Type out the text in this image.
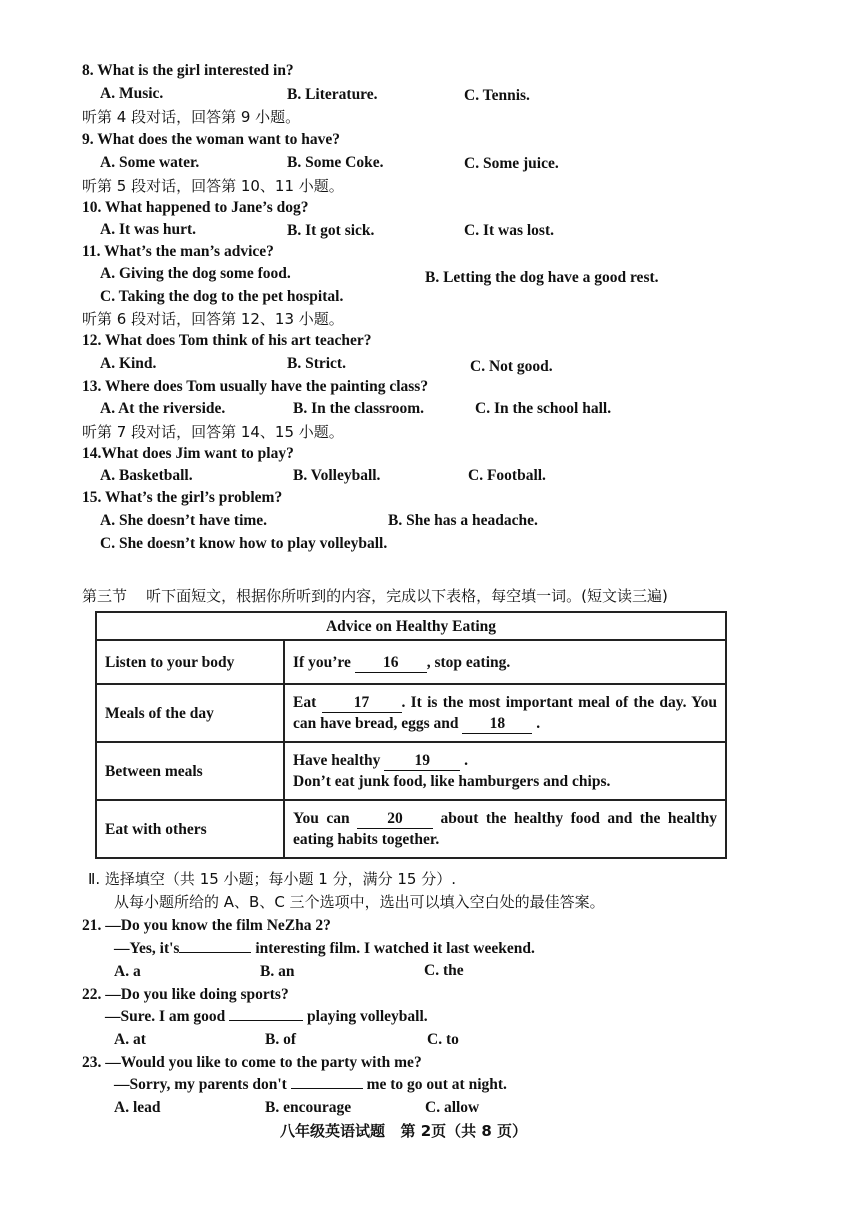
8. What is the girl interested in?
A. Music.	B. Literature.	C. Tennis.
听第 4 段对话，回答第 9 小题。
9. What does the woman want to have?
A. Some water.	B. Some Coke.	C. Some juice.
听第 5 段对话，回答第 10、11 小题。
10. What happened to Jane’s dog?
A. It was hurt.	B. It got sick.	C. It was lost.
11. What’s the man’s advice?
A. Giving the dog some food.	B. Letting the dog have a good rest.
C. Taking the dog to the pet hospital.
听第 6 段对话，回答第 12、13 小题。
12. What does Tom think of his art teacher?
A. Kind.	B. Strict.	C. Not good.
13. Where does Tom usually have the painting class?
A. At the riverside.	B. In the classroom.	C. In the school hall.
听第 7 段对话，回答第 14、15 小题。
14.What does Jim want to play?
A. Basketball.	B. Volleyball.	C. Football.
15. What’s the girl’s problem?
A. She doesn’t have time.	B. She has a headache.
C. She doesn’t know how to play volleyball.
第三节 听下面短文，根据你所听到的内容，完成以下表格，每空填一词。(短文读三遍)
Advice on Healthy Eating	
Listen to your body	If you’re 16 , stop eating.
Meals of the day	Eat 17 . It is the most important meal of the day. You can have bread, eggs and 18 .
Between meals	Have healthy 19 .
Don’t eat junk food, like hamburgers and chips.
Eat with others	You can 20 about the healthy food and the healthy eating habits together.
Ⅱ. 选择填空（共 15 小题；每小题 1 分，满分 15 分）.
从每小题所给的 A、B、C 三个选项中，选出可以填入空白处的最佳答案。
21. —Do you know the film NeZha 2?
—Yes, it's	interesting film. I watched it last weekend.
A. a	B. an	C. the
22. —Do you like doing sports?
—Sure. I am good	playing volleyball.
A. at	B. of	C. to
23. —Would you like to come to the party with me?
—Sorry, my parents don't	me to go out at night.
A. lead	B. encourage	C. allow
八年级英语试题 第 2页（共 8 页）
